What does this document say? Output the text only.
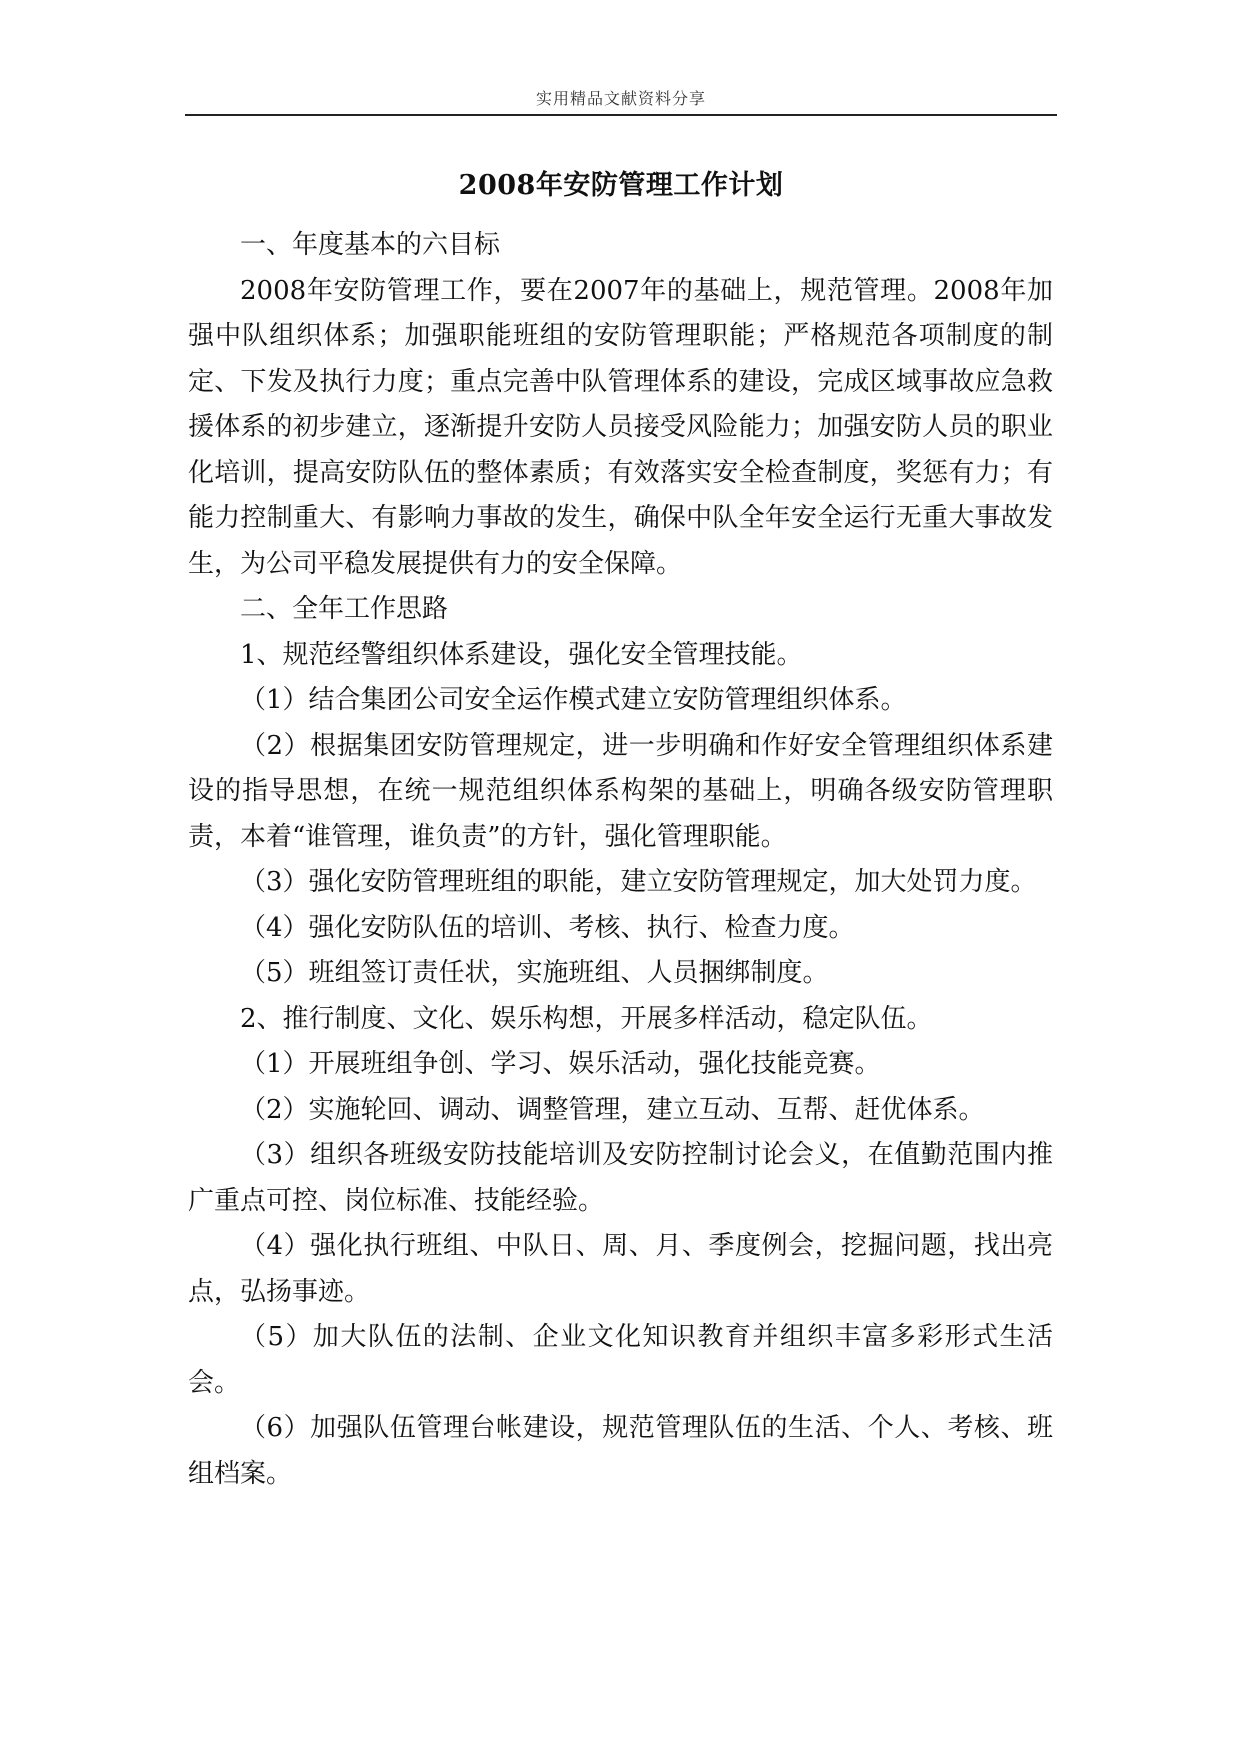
实用精品文献资料分享
2008年安防管理工作计划

一、年度基本的六目标

2008年安防管理工作，要在2007年的基础上，规范管理。2008年加强中队组织体系；加强职能班组的安防管理职能；严格规范各项制度的制定、下发及执行力度；重点完善中队管理体系的建设，完成区域事故应急救援体系的初步建立，逐渐提升安防人员接受风险能力；加强安防人员的职业化培训，提高安防队伍的整体素质；有效落实安全检查制度，奖惩有力；有能力控制重大、有影响力事故的发生，确保中队全年安全运行无重大事故发生，为公司平稳发展提供有力的安全保障。

二、全年工作思路

1、规范经警组织体系建设，强化安全管理技能。

（1）结合集团公司安全运作模式建立安防管理组织体系。

（2）根据集团安防管理规定，进一步明确和作好安全管理组织体系建设的指导思想，在统一规范组织体系构架的基础上，明确各级安防管理职责，本着“谁管理，谁负责”的方针，强化管理职能。

（3）强化安防管理班组的职能，建立安防管理规定，加大处罚力度。

（4）强化安防队伍的培训、考核、执行、检查力度。

（5）班组签订责任状，实施班组、人员捆绑制度。

2、推行制度、文化、娱乐构想，开展多样活动，稳定队伍。

（1）开展班组争创、学习、娱乐活动，强化技能竞赛。

（2）实施轮回、调动、调整管理，建立互动、互帮、赶优体系。

（3）组织各班级安防技能培训及安防控制讨论会义，在值勤范围内推广重点可控、岗位标准、技能经验。

（4）强化执行班组、中队日、周、月、季度例会，挖掘问题，找出亮点，弘扬事迹。

（5）加大队伍的法制、企业文化知识教育并组织丰富多彩形式生活会。

（6）加强队伍管理台帐建设，规范管理队伍的生活、个人、考核、班组档案。
